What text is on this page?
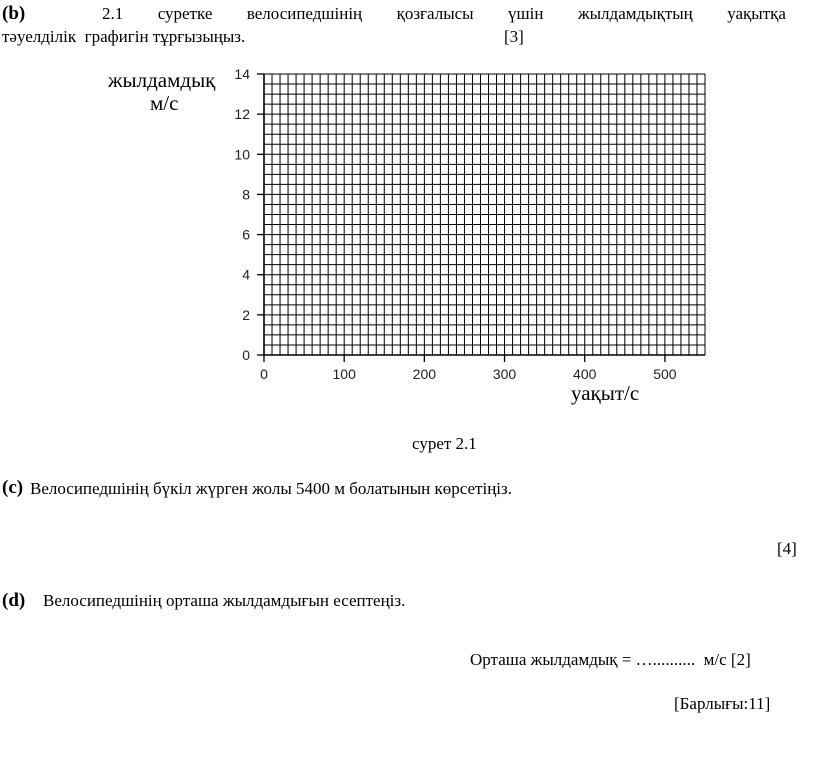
(b)	2.1 суретке велосипедшінің қозғалысы үшін жылдамдықтың уақытқа
тәуелділік  графигін тұрғызыңыз.	[3]
0
2
4
6
8
10
12
14
0	100	200	300	400	500
жылдамдық
м/с
уақыт/с
сурет 2.1
(c) Велосипедшінің бүкіл жүрген жолы 5400 м болатынын көрсетіңіз.
[4]
(d) Велосипедшінің орташа жылдамдығын есептеңіз.
Орташа жылдамдық = …..........  м/с [2]
[Барлығы:11]
